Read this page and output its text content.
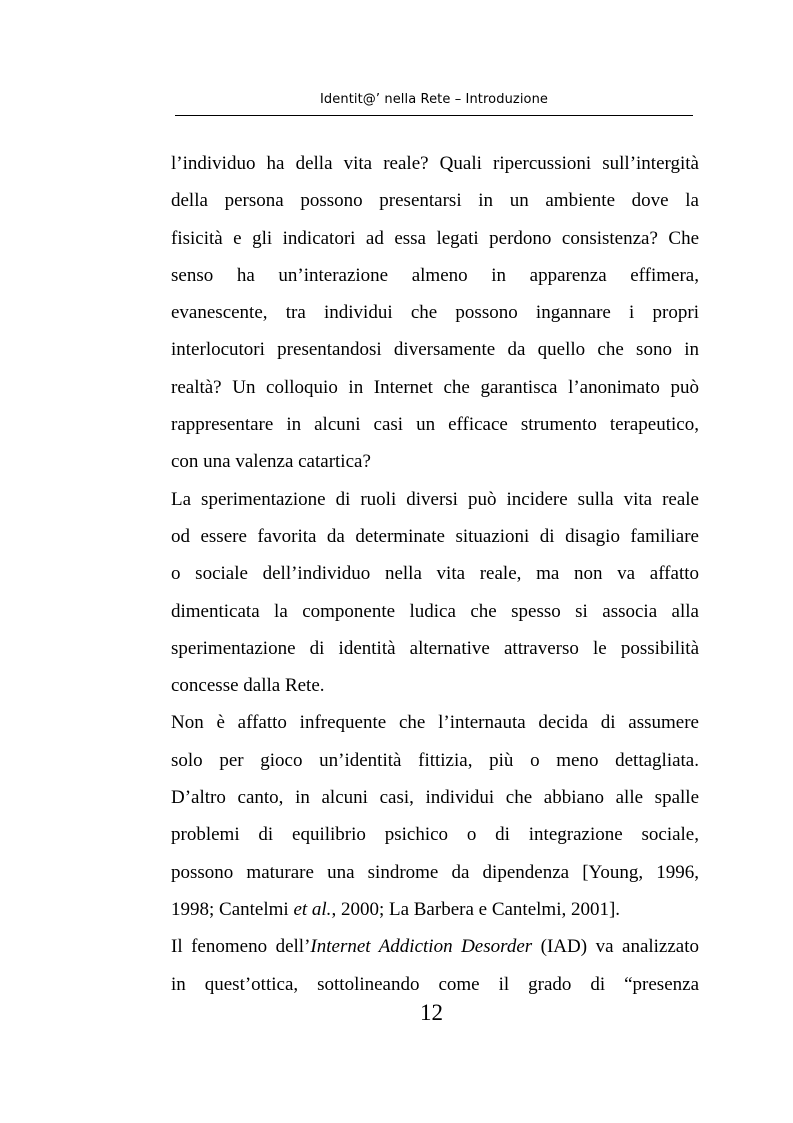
Identit@’ nella Rete – Introduzione
l’individuo ha della vita reale? Quali ripercussioni sull’intergità
della persona possono presentarsi in un ambiente dove la
fisicità e gli indicatori ad essa legati perdono consistenza? Che
senso ha un’interazione almeno in apparenza effimera,
evanescente, tra individui che possono ingannare i propri
interlocutori presentandosi diversamente da quello che sono in
realtà? Un colloquio in Internet che garantisca l’anonimato può
rappresentare in alcuni casi un efficace strumento terapeutico,
con una valenza catartica?
La sperimentazione di ruoli diversi può incidere sulla vita reale
od essere favorita da determinate situazioni di disagio familiare
o sociale dell’individuo nella vita reale, ma non va affatto
dimenticata la componente ludica che spesso si associa alla
sperimentazione di identità alternative attraverso le possibilità
concesse dalla Rete.
Non è affatto infrequente che l’internauta decida di assumere
solo per gioco un’identità fittizia, più o meno dettagliata.
D’altro canto, in alcuni casi, individui che abbiano alle spalle
problemi di equilibrio psichico o di integrazione sociale,
possono maturare una sindrome da dipendenza [Young, 1996,
1998; Cantelmi et al., 2000; La Barbera e Cantelmi, 2001].
Il fenomeno dell’Internet Addiction Desorder (IAD) va analizzato
in quest’ottica, sottolineando come il grado di “presenza
12
